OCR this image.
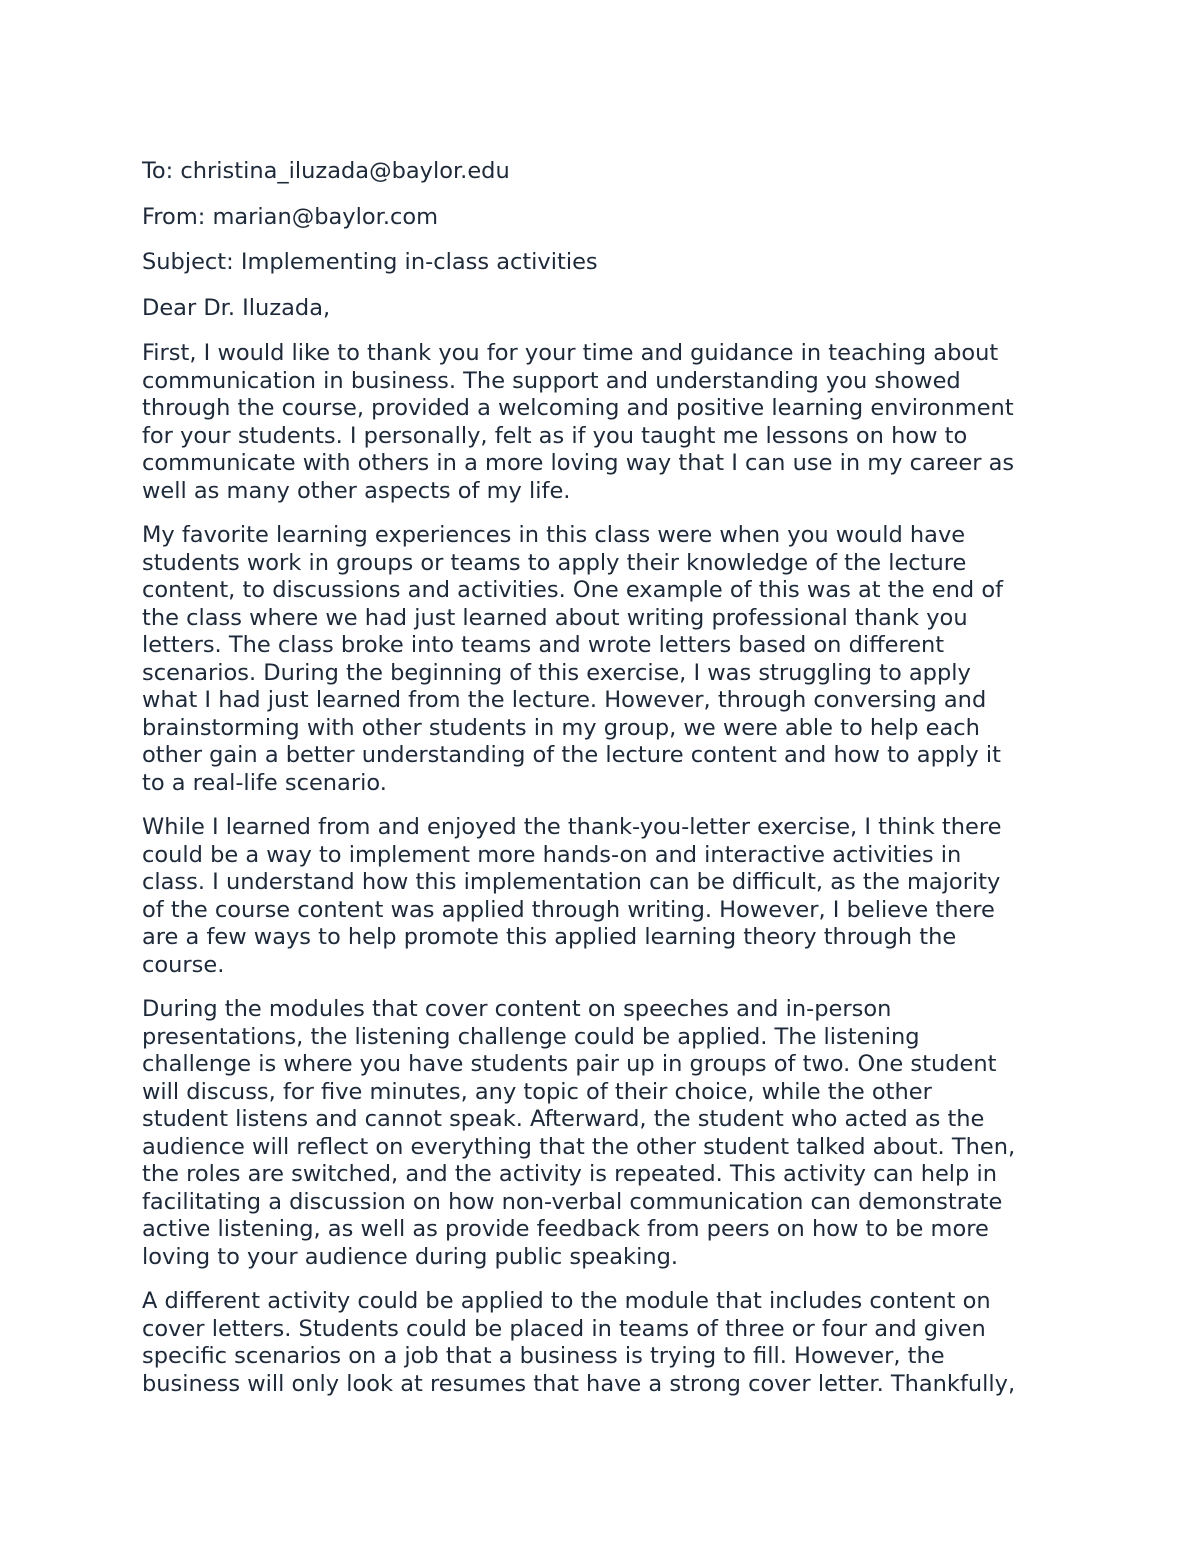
To: christina_iluzada@baylor.edu
From: marian@baylor.com
Subject: Implementing in-class activities
Dear Dr. Iluzada,
First, I would like to thank you for your time and guidance in teaching about
communication in business. The support and understanding you showed
through the course, provided a welcoming and positive learning environment
for your students. I personally, felt as if you taught me lessons on how to
communicate with others in a more loving way that I can use in my career as
well as many other aspects of my life.
My favorite learning experiences in this class were when you would have
students work in groups or teams to apply their knowledge of the lecture
content, to discussions and activities. One example of this was at the end of
the class where we had just learned about writing professional thank you
letters. The class broke into teams and wrote letters based on different
scenarios. During the beginning of this exercise, I was struggling to apply
what I had just learned from the lecture. However, through conversing and
brainstorming with other students in my group, we were able to help each
other gain a better understanding of the lecture content and how to apply it
to a real-life scenario.
While I learned from and enjoyed the thank-you-letter exercise, I think there
could be a way to implement more hands-on and interactive activities in
class. I understand how this implementation can be difficult, as the majority
of the course content was applied through writing. However, I believe there
are a few ways to help promote this applied learning theory through the
course.
During the modules that cover content on speeches and in-person
presentations, the listening challenge could be applied. The listening
challenge is where you have students pair up in groups of two. One student
will discuss, for five minutes, any topic of their choice, while the other
student listens and cannot speak. Afterward, the student who acted as the
audience will reflect on everything that the other student talked about. Then,
the roles are switched, and the activity is repeated. This activity can help in
facilitating a discussion on how non-verbal communication can demonstrate
active listening, as well as provide feedback from peers on how to be more
loving to your audience during public speaking.
A different activity could be applied to the module that includes content on
cover letters. Students could be placed in teams of three or four and given
specific scenarios on a job that a business is trying to fill. However, the
business will only look at resumes that have a strong cover letter. Thankfully,
